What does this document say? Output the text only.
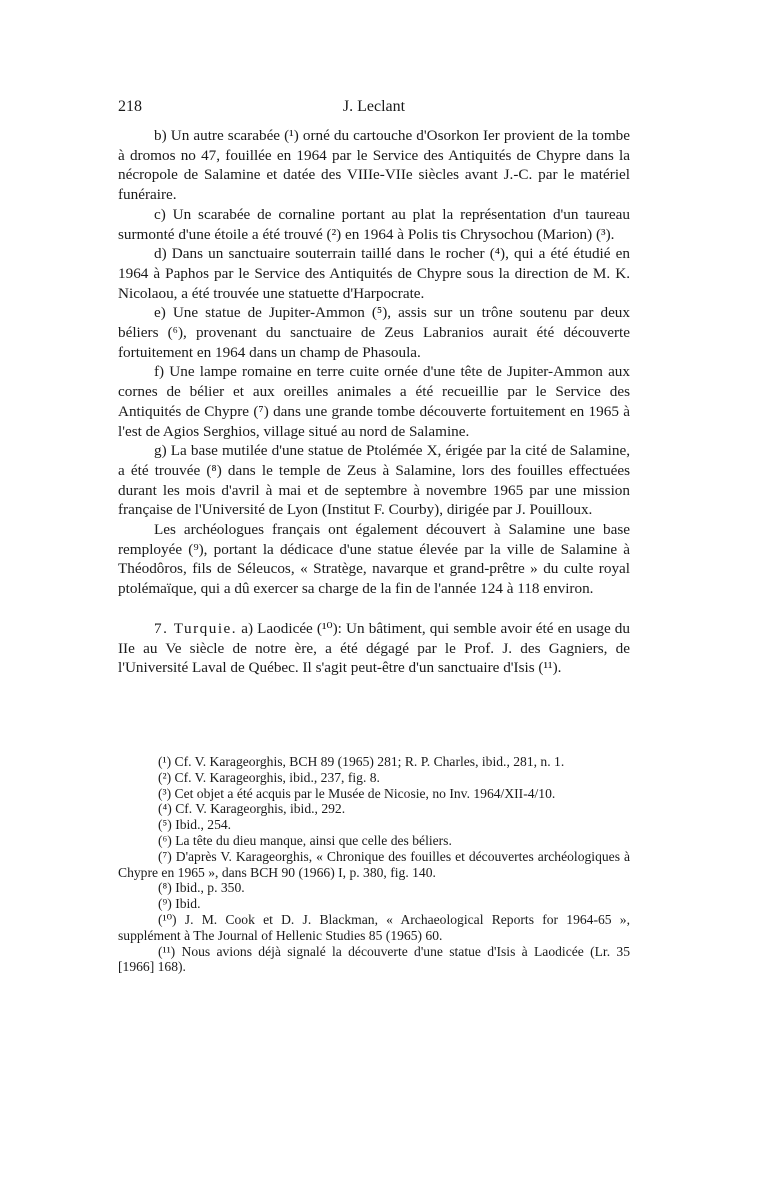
218	J. Leclant

b) Un autre scarabée (¹) orné du cartouche d'Osorkon Ier provient de la tombe à dromos no 47, fouillée en 1964 par le Service des Antiquités de Chypre dans la nécropole de Salamine et datée des VIIIe-VIIe siècles avant J.-C. par le matériel funéraire.

c) Un scarabée de cornaline portant au plat la représentation d'un taureau surmonté d'une étoile a été trouvé (²) en 1964 à Polis tis Chrysochou (Marion) (³).

d) Dans un sanctuaire souterrain taillé dans le rocher (⁴), qui a été étudié en 1964 à Paphos par le Service des Antiquités de Chypre sous la direction de M. K. Nicolaou, a été trouvée une statuette d'Harpocrate.

e) Une statue de Jupiter-Ammon (⁵), assis sur un trône soutenu par deux béliers (⁶), provenant du sanctuaire de Zeus Labranios aurait été découverte fortuitement en 1964 dans un champ de Phasoula.

f) Une lampe romaine en terre cuite ornée d'une tête de Jupiter-Ammon aux cornes de bélier et aux oreilles animales a été recueillie par le Service des Antiquités de Chypre (⁷) dans une grande tombe découverte fortuitement en 1965 à l'est de Agios Serghios, village situé au nord de Salamine.

g) La base mutilée d'une statue de Ptolémée X, érigée par la cité de Salamine, a été trouvée (⁸) dans le temple de Zeus à Salamine, lors des fouilles effectuées durant les mois d'avril à mai et de septembre à novembre 1965 par une mission française de l'Université de Lyon (Institut F. Courby), dirigée par J. Pouilloux.

Les archéologues français ont également découvert à Salamine une base remployée (⁹), portant la dédicace d'une statue élevée par la ville de Salamine à Théodôros, fils de Séleucos, « Stratège, navarque et grand-prêtre » du culte royal ptolémaïque, qui a dû exercer sa charge de la fin de l'année 124 à 118 environ.

7. Turquie. a) Laodicée (¹⁰): Un bâtiment, qui semble avoir été en usage du IIe au Ve siècle de notre ère, a été dégagé par le Prof. J. des Gagniers, de l'Université Laval de Québec. Il s'agit peut-être d'un sanctuaire d'Isis (¹¹).

(¹) Cf. V. Karageorghis, BCH 89 (1965) 281; R. P. Charles, ibid., 281, n. 1.

(²) Cf. V. Karageorghis, ibid., 237, fig. 8.

(³) Cet objet a été acquis par le Musée de Nicosie, no Inv. 1964/XII-4/10.

(⁴) Cf. V. Karageorghis, ibid., 292.

(⁵) Ibid., 254.

(⁶) La tête du dieu manque, ainsi que celle des béliers.

(⁷) D'après V. Karageorghis, « Chronique des fouilles et découvertes archéologiques à Chypre en 1965 », dans BCH 90 (1966) I, p. 380, fig. 140.

(⁸) Ibid., p. 350.

(⁹) Ibid.

(¹⁰) J. M. Cook et D. J. Blackman, « Archaeological Reports for 1964-65 », supplément à The Journal of Hellenic Studies 85 (1965) 60.

(¹¹) Nous avions déjà signalé la découverte d'une statue d'Isis à Laodicée (Lr. 35 [1966] 168).
